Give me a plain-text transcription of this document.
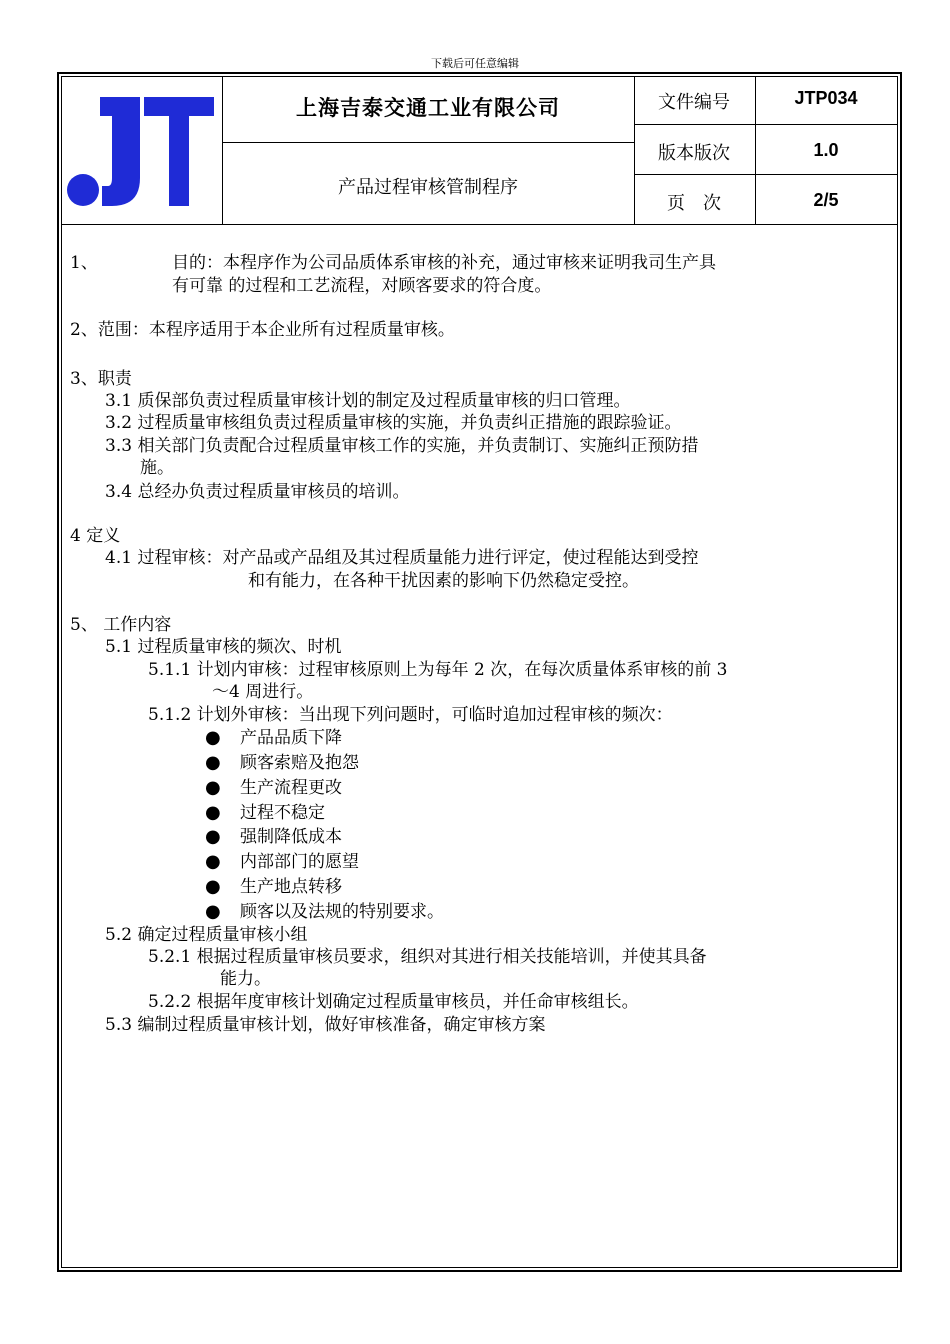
下载后可任意编辑
上海吉泰交通工业有限公司
产品过程审核管制程序
文件编号	JTP034
版本版次	1.0
页　次	2/5
1、	目的：本程序作为公司品质体系审核的补充，通过审核来证明我司生产具
有可靠 的过程和工艺流程，对顾客要求的符合度。
2、范围：本程序适用于本企业所有过程质量审核。
3、职责
3.1 质保部负责过程质量审核计划的制定及过程质量审核的归口管理。
3.2 过程质量审核组负责过程质量审核的实施，并负责纠正措施的跟踪验证。
3.3 相关部门负责配合过程质量审核工作的实施，并负责制订、实施纠正预防措
施。
3.4 总经办负责过程质量审核员的培训。
4 定义
4.1 过程审核：对产品或产品组及其过程质量能力进行评定，使过程能达到受控
和有能力，在各种干扰因素的影响下仍然稳定受控。
5、 工作内容
5.1 过程质量审核的频次、时机
5.1.1 计划内审核：过程审核原则上为每年 2 次，在每次质量体系审核的前 3
～4 周进行。
5.1.2 计划外审核：当出现下列问题时，可临时追加过程审核的频次：
● 产品品质下降
● 顾客索赔及抱怨
● 生产流程更改
● 过程不稳定
● 强制降低成本
● 内部部门的愿望
● 生产地点转移
● 顾客以及法规的特别要求。
5.2 确定过程质量审核小组
5.2.1 根据过程质量审核员要求，组织对其进行相关技能培训，并使其具备
能力。
5.2.2 根据年度审核计划确定过程质量审核员，并任命审核组长。
5.3 编制过程质量审核计划，做好审核准备，确定审核方案
